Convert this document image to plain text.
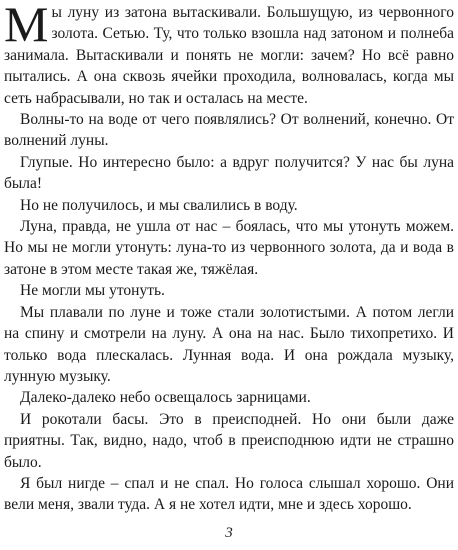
Мы луну из затона вытаскивали. Большущую, из червонного золота. Сетью. Ту, что только взошла над затоном и полнеба занимала. Вытаскивали и понять не могли: зачем? Но всё равно пытались. А она сквозь ячейки проходила, волновалась, когда мы сеть набрасывали, но так и осталась на месте.

Волны-то на воде от чего появлялись? От волнений, конечно. От волнений луны.

Глупые. Но интересно было: а вдруг получится? У нас бы луна была!

Но не получилось, и мы свалились в воду.

Луна, правда, не ушла от нас – боялась, что мы утонуть можем. Но мы не могли утонуть: луна-то из червонного золота, да и вода в затоне в этом месте такая же, тяжёлая.

Не могли мы утонуть.

Мы плавали по луне и тоже стали золотистыми. А потом легли на спину и смотрели на луну. А она на нас. Было тихопретихо. И только вода плескалась. Лунная вода. И она рождала музыку, лунную музыку.

Далеко-далеко небо освещалось зарницами.

И рокотали басы. Это в преисподней. Но они были даже приятны. Так, видно, надо, чтоб в преисподнюю идти не страшно было.

Я был нигде – спал и не спал. Но голоса слышал хорошо. Они вели меня, звали туда. А я не хотел идти, мне и здесь хорошо.

3
